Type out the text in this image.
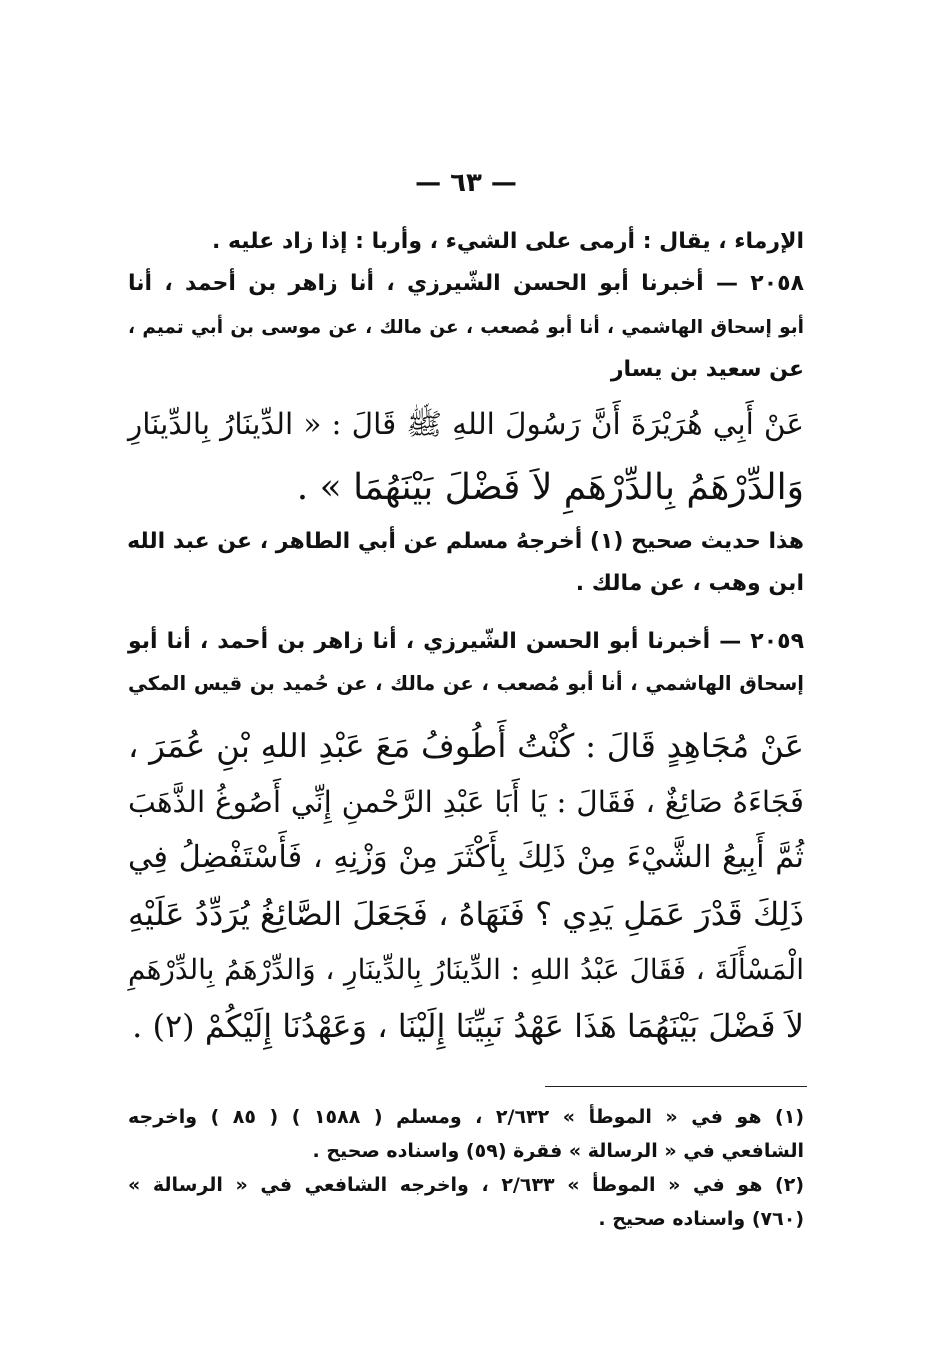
— ٦٣ —
الإرماء ، يقال : أرمى على الشيء ، وأربا : إذا زاد عليه .
٢٠٥٨ — أخبرنا أبو الحسن الشّيرزي ، أنا زاهر بن أحمد ، أنا
أبو إسحاق الهاشمي ، أنا أبو مُصعب ، عن مالك ، عن موسى بن أبي تميم ،
عن سعيد بن يسار
عَنْ أَبِي هُرَيْرَةَ أَنَّ رَسُولَ اللهِ ﷺ قَالَ : « الدِّينَارُ بِالدِّينَارِ
وَالدِّرْهَمُ بِالدِّرْهَمِ لاَ فَضْلَ بَيْنَهُمَا » .
هذا حديث صحيح (١) أخرجهُ مسلم عن أبي الطاهر ، عن عبد الله
ابن وهب ، عن مالك .
٢٠٥٩ — أخبرنا أبو الحسن الشّيرزي ، أنا زاهر بن أحمد ، أنا أبو
إسحاق الهاشمي ، أنا أبو مُصعب ، عن مالك ، عن حُميد بن قيس المكي
عَنْ مُجَاهِدٍ قَالَ : كُنْتُ أَطُوفُ مَعَ عَبْدِ اللهِ بْنِ عُمَرَ ،
فَجَاءَهُ صَائِغٌ ، فَقَالَ : يَا أَبَا عَبْدِ الرَّحْمنِ إِنِّي أَصُوغُ الذَّهَبَ
ثُمَّ أَبِيعُ الشَّيْءَ مِنْ ذَلِكَ بِأَكْثَرَ مِنْ وَزْنِهِ ، فَأَسْتَفْضِلُ فِي
ذَلِكَ قَدْرَ عَمَلِ يَدِي ؟ فَنَهَاهُ ، فَجَعَلَ الصَّائِغُ يُرَدِّدُ عَلَيْهِ
الْمَسْأَلَةَ ، فَقَالَ عَبْدُ اللهِ : الدِّينَارُ بِالدِّينَارِ ، وَالدِّرْهَمُ بِالدِّرْهَمِ
لاَ فَضْلَ بَيْنَهُمَا هَذَا عَهْدُ نَبِيِّنَا إِلَيْنَا ، وَعَهْدُنَا إِلَيْكُمْ (٢) .
(١) هو في « الموطأ » ٢/٦٣٢ ، ومسلم ( ١٥٨٨ ) ( ٨٥ ) واخرجه
الشافعي في « الرسالة » فقرة (٥٩) واسناده صحيح .
(٢) هو في « الموطأ » ٢/٦٣٣ ، واخرجه الشافعي في « الرسالة »
(٧٦٠) واسناده صحيح .
